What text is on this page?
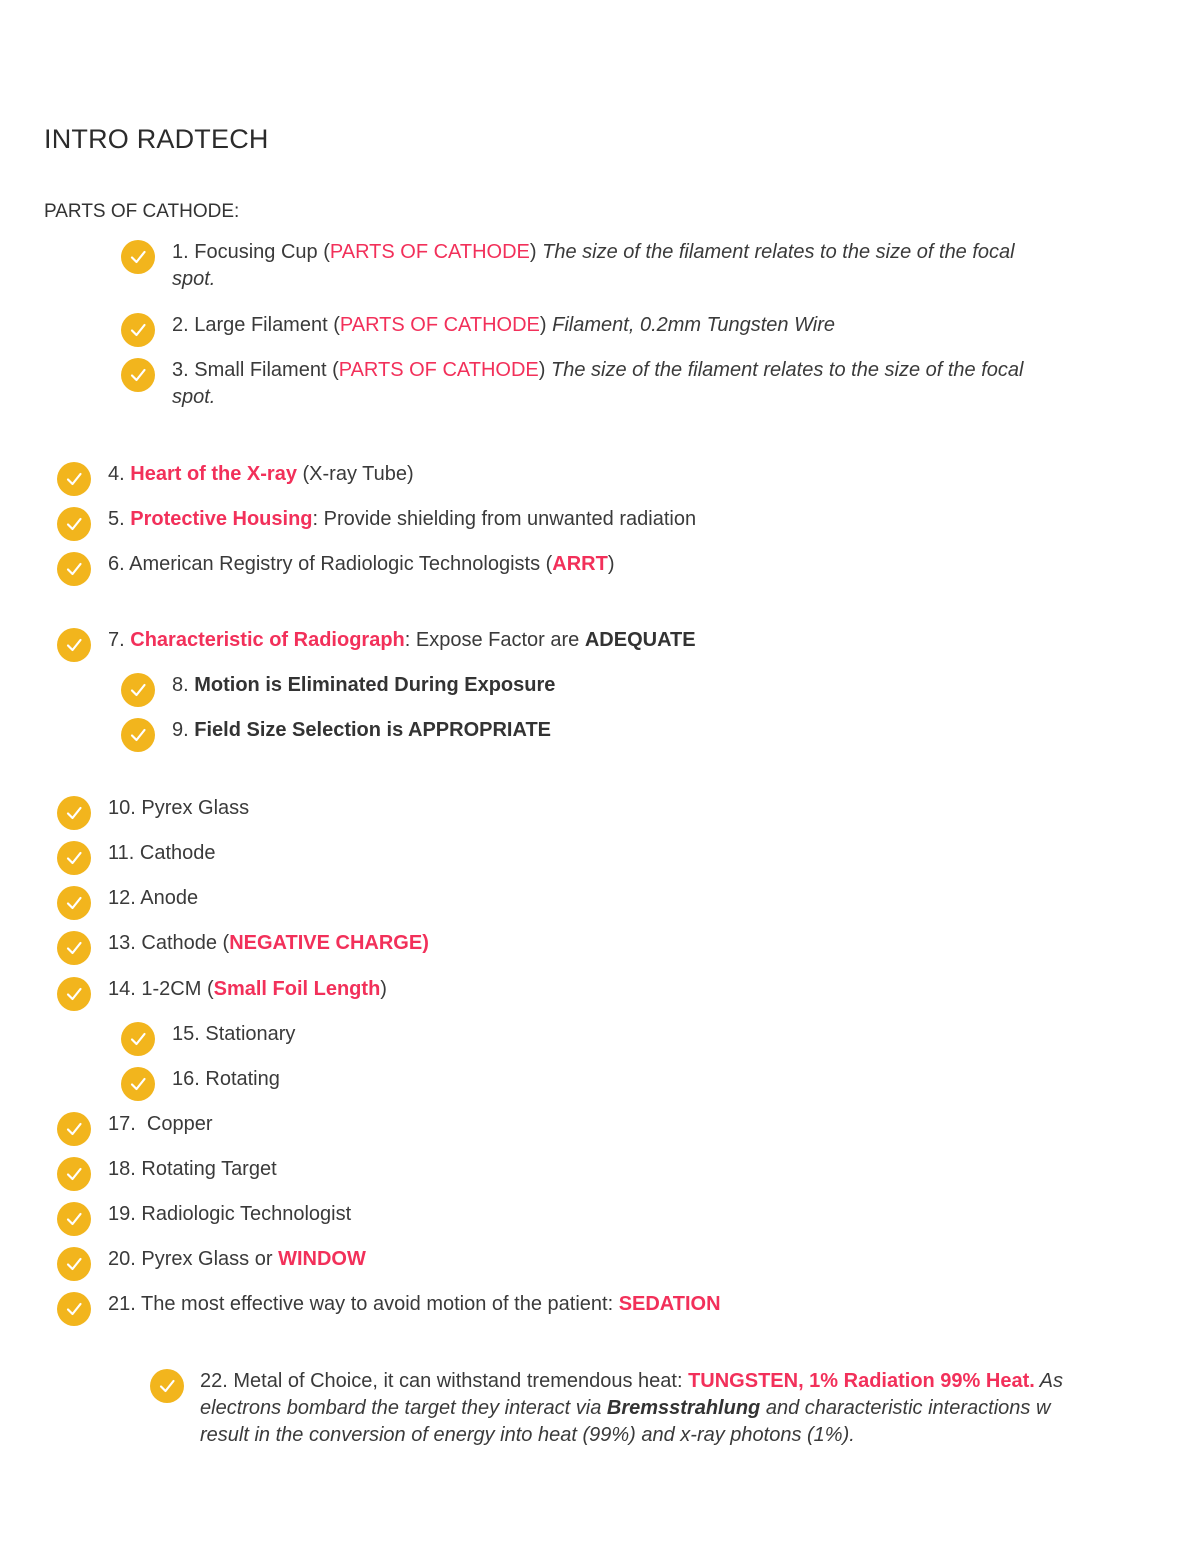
INTRO RADTECH

PARTS OF CATHODE:

1. Focusing Cup (PARTS OF CATHODE) The size of the filament relates to the size of the focal
spot.
2. Large Filament (PARTS OF CATHODE) Filament, 0.2mm Tungsten Wire
3. Small Filament (PARTS OF CATHODE) The size of the filament relates to the size of the focal
spot.
4. Heart of the X-ray (X-ray Tube)
5. Protective Housing: Provide shielding from unwanted radiation
6. American Registry of Radiologic Technologists (ARRT)
7. Characteristic of Radiograph: Expose Factor are ADEQUATE
8. Motion is Eliminated During Exposure
9. Field Size Selection is APPROPRIATE
10. Pyrex Glass
11. Cathode
12. Anode
13. Cathode (NEGATIVE CHARGE)
14. 1-2CM (Small Foil Length)
15. Stationary
16. Rotating
17.  Copper
18. Rotating Target
19. Radiologic Technologist
20. Pyrex Glass or WINDOW
21. The most effective way to avoid motion of the patient: SEDATION
22. Metal of Choice, it can withstand tremendous heat: TUNGSTEN, 1% Radiation 99% Heat. As
electrons bombard the target they interact via Bremsstrahlung and characteristic interactions w
result in the conversion of energy into heat (99%) and x-ray photons (1%).
